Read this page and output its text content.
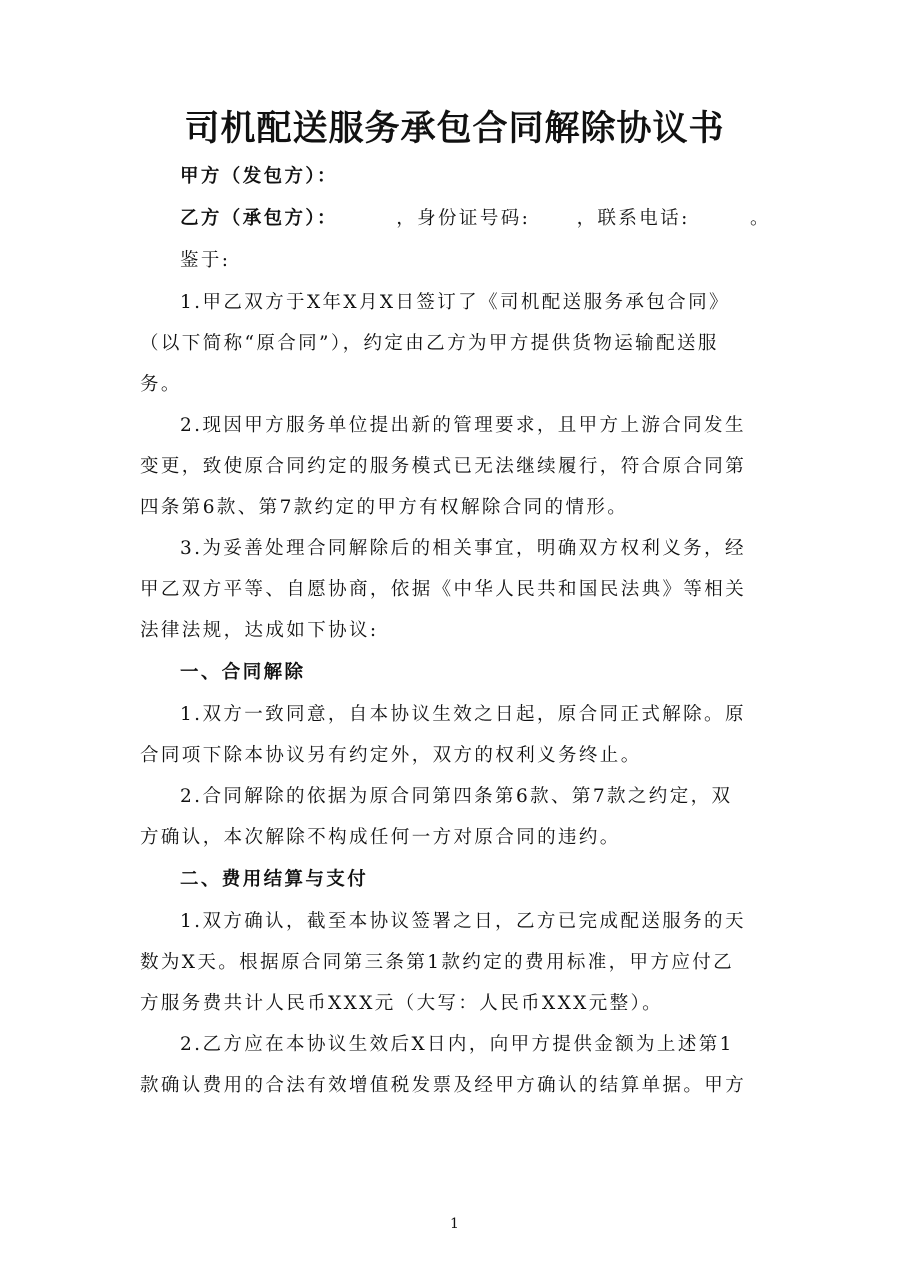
司机配送服务承包合同解除协议书
甲方（发包方）：
乙方（承包方）：	，身份证号码:	，联系电话:	。
鉴于:
1.甲乙双方于X年X月X日签订了《司机配送服务承包合同》
（以下简称“原合同”），约定由乙方为甲方提供货物运输配送服
务。
2.现因甲方服务单位提出新的管理要求，且甲方上游合同发生
变更，致使原合同约定的服务模式已无法继续履行，符合原合同第
四条第6款、第7款约定的甲方有权解除合同的情形。
3.为妥善处理合同解除后的相关事宜，明确双方权利义务，经
甲乙双方平等、自愿协商，依据《中华人民共和国民法典》等相关
法律法规，达成如下协议:
一、合同解除
1.双方一致同意，自本协议生效之日起，原合同正式解除。原
合同项下除本协议另有约定外，双方的权利义务终止。
2.合同解除的依据为原合同第四条第6款、第7款之约定，双
方确认，本次解除不构成任何一方对原合同的违约。
二、费用结算与支付
1.双方确认，截至本协议签署之日，乙方已完成配送服务的天
数为X天。根据原合同第三条第1款约定的费用标准，甲方应付乙
方服务费共计人民币XXX元（大写：人民币XXX元整）。
2.乙方应在本协议生效后X日内，向甲方提供金额为上述第1
款确认费用的合法有效增值税发票及经甲方确认的结算单据。甲方
1
